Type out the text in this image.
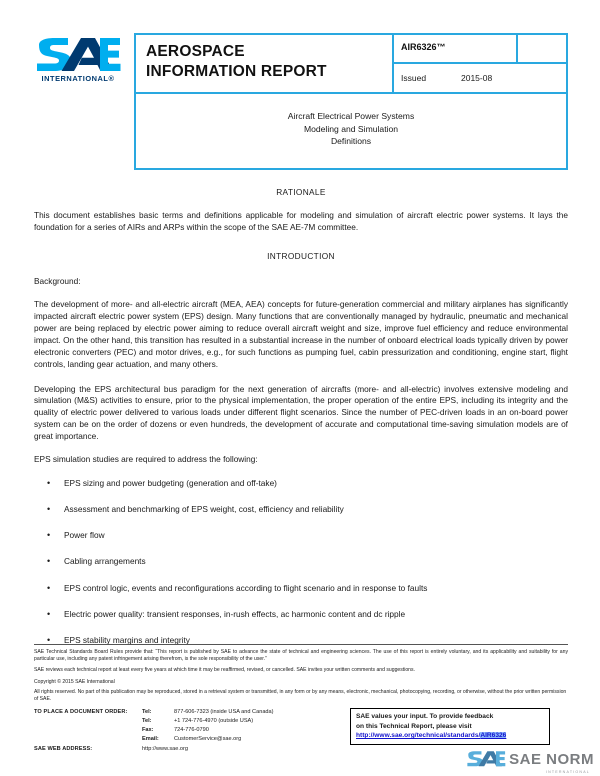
INTERNATIONAL®
AEROSPACE
INFORMATION REPORT
AIR6326™
Issued	2015-08
Aircraft Electrical Power Systems
Modeling and Simulation
Definitions
RATIONALE

This document establishes basic terms and definitions applicable for modeling and simulation of aircraft electric power systems. It lays the foundation for a series of AIRs and ARPs within the scope of the SAE AE-7M committee.

INTRODUCTION
Background:

The development of more- and all-electric aircraft (MEA, AEA) concepts for future-generation commercial and military airplanes has significantly impacted aircraft electric power system (EPS) design. Many functions that are conventionally managed by hydraulic, pneumatic and mechanical power are being replaced by electric power aiming to reduce overall aircraft weight and size, improve fuel efficiency and reduce environmental impact. On the other hand, this transition has resulted in a substantial increase in the number of onboard electrical loads typically driven by power electronic converters (PEC) and motor drives, e.g., for such functions as pumping fuel, cabin pressurization and conditioning, engine start, flight controls, landing gear actuation, and many others.

Developing the EPS architectural bus paradigm for the next generation of aircrafts (more- and all-electric) involves extensive modeling and simulation (M&S) activities to ensure, prior to the physical implementation, the proper operation of the entire EPS, including its integrity and the quality of electric power delivered to various loads under different flight scenarios. Since the number of PEC-driven loads in an on-board power system can be on the order of dozens or even hundreds, the development of accurate and computational time-saving simulation models are of great importance.

EPS simulation studies are required to address the following:

• EPS sizing and power budgeting (generation and off-take)
• Assessment and benchmarking of EPS weight, cost, efficiency and reliability
• Power flow
• Cabling arrangements
• EPS control logic, events and reconfigurations according to flight scenario and in response to faults
• Electric power quality: transient responses, in-rush effects, ac harmonic content and dc ripple
• EPS stability margins and integrity

SAE Technical Standards Board Rules provide that: “This report is published by SAE to advance the state of technical and engineering sciences. The use of this report is entirely voluntary, and its applicability and suitability for any particular use, including any patent infringement arising therefrom, is the sole responsibility of the user.”

SAE reviews each technical report at least every five years at which time it may be reaffirmed, revised, or cancelled. SAE invites your written comments and suggestions.

Copyright © 2015 SAE International
All rights reserved. No part of this publication may be reproduced, stored in a retrieval system or transmitted, in any form or by any means, electronic, mechanical, photocopying, recording, or otherwise, without the prior written permission of SAE.
TO PLACE A DOCUMENT ORDER:	Tel:	877-606-7323 (inside USA and Canada)
Tel:	+1 724-776-4970 (outside USA)
Fax:	724-776-0790
Email:	CustomerService@sae.org
SAE WEB ADDRESS:	http://www.sae.org
SAE values your input. To provide feedback
on this Technical Report, please visit
http://www.sae.org/technical/standards/AIR6326
SAE NORM
INTERNATIONAL
